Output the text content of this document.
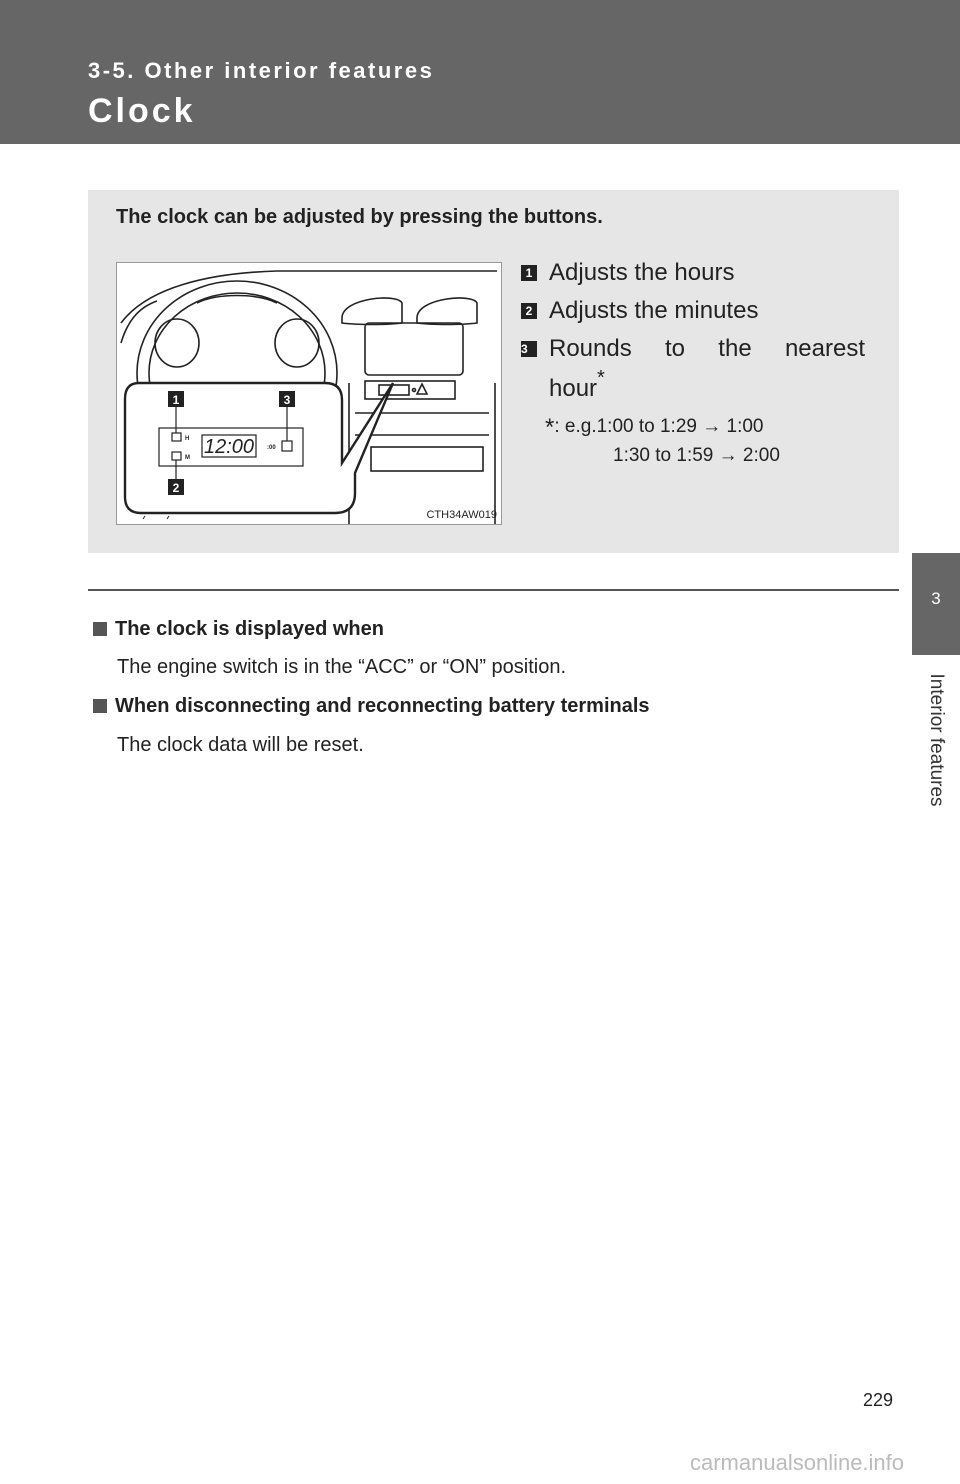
3-5. Other interior features
Clock
3
Interior features
The clock can be adjusted by pressing the buttons.
12:00
H
M
:00
1
2
3
CTH34AW019
1 Adjusts the hours
2 Adjusts the minutes
3 Rounds to the nearest
hour*
*: e.g.1:00 to 1:29 → 1:00
1:30 to 1:59 → 2:00
The clock is displayed when
The engine switch is in the “ACC” or “ON” position.
When disconnecting and reconnecting battery terminals
The clock data will be reset.
229
carmanualsonline.info
